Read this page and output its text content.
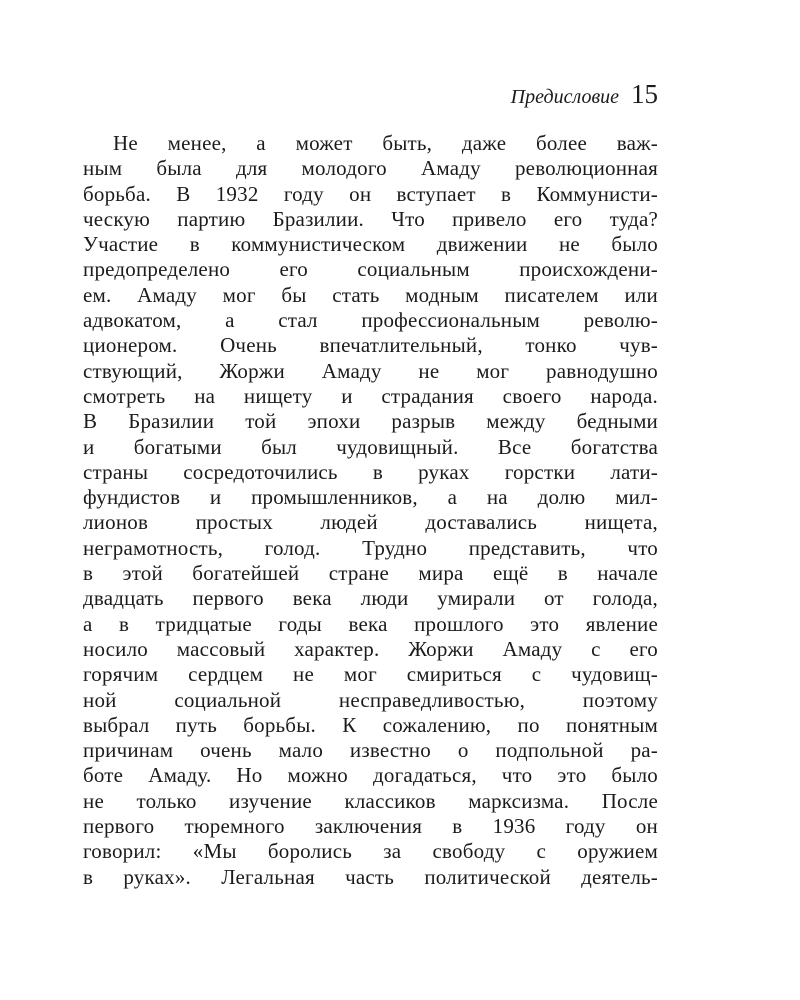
Предисловие 15
Не менее, а может быть, даже более важ-
ным была для молодого Амаду революционная
борьба. В 1932 году он вступает в Коммунисти-
ческую партию Бразилии. Что привело его туда?
Участие в коммунистическом движении не было
предопределено его социальным происхождени-
ем. Амаду мог бы стать модным писателем или
адвокатом, а стал профессиональным револю-
ционером. Очень впечатлительный, тонко чув-
ствующий, Жоржи Амаду не мог равнодушно
смотреть на нищету и страдания своего народа.
В Бразилии той эпохи разрыв между бедными
и богатыми был чудовищный. Все богатства
страны сосредоточились в руках горстки лати-
фундистов и промышленников, а на долю мил-
лионов простых людей доставались нищета,
неграмотность, голод. Трудно представить, что
в этой богатейшей стране мира ещё в начале
двадцать первого века люди умирали от голода,
а в тридцатые годы века прошлого это явление
носило массовый характер. Жоржи Амаду с его
горячим сердцем не мог смириться с чудовищ-
ной социальной несправедливостью, поэтому
выбрал путь борьбы. К сожалению, по понятным
причинам очень мало известно о подпольной ра-
боте Амаду. Но можно догадаться, что это было
не только изучение классиков марксизма. После
первого тюремного заключения в 1936 году он
говорил: «Мы боролись за свободу с оружием
в руках». Легальная часть политической деятель-
